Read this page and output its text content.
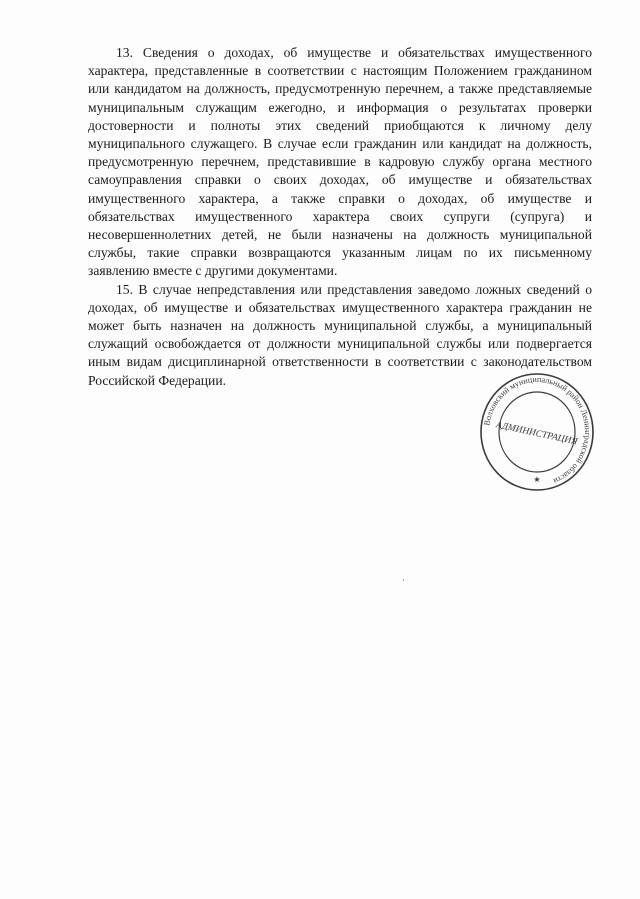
13. Сведения о доходах, об имуществе и обязательствах имущественного характера, представленные в соответствии с настоящим Положением гражданином или кандидатом на должность, предусмотренную перечнем, а также представляемые муниципальным служащим ежегодно, и информация о результатах проверки достоверности и полноты этих сведений приобщаются к личному делу муниципального служащего. В случае если гражданин или кандидат на должность, предусмотренную перечнем, представившие в кадровую службу органа местного самоуправления справки о своих доходах, об имуществе и обязательствах имущественного характера, а также справки о доходах, об имуществе и обязательствах имущественного характера своих супруги (супруга) и несовершеннолетних детей, не были назначены на должность муниципальной службы, такие справки возвращаются указанным лицам по их письменному заявлению вместе с другими документами.

15. В случае непредставления или представления заведомо ложных сведений о доходах, об имуществе и обязательствах имущественного характера гражданин не может быть назначен на должность муниципальной службы, а муниципальный служащий освобождается от должности муниципальной службы или подвергается иным видам дисциплинарной ответственности в соответствии с законодательством Российской Федерации.

Волховский муниципальный район Ленинградской области
АДМИНИСТРАЦИЯ
★
